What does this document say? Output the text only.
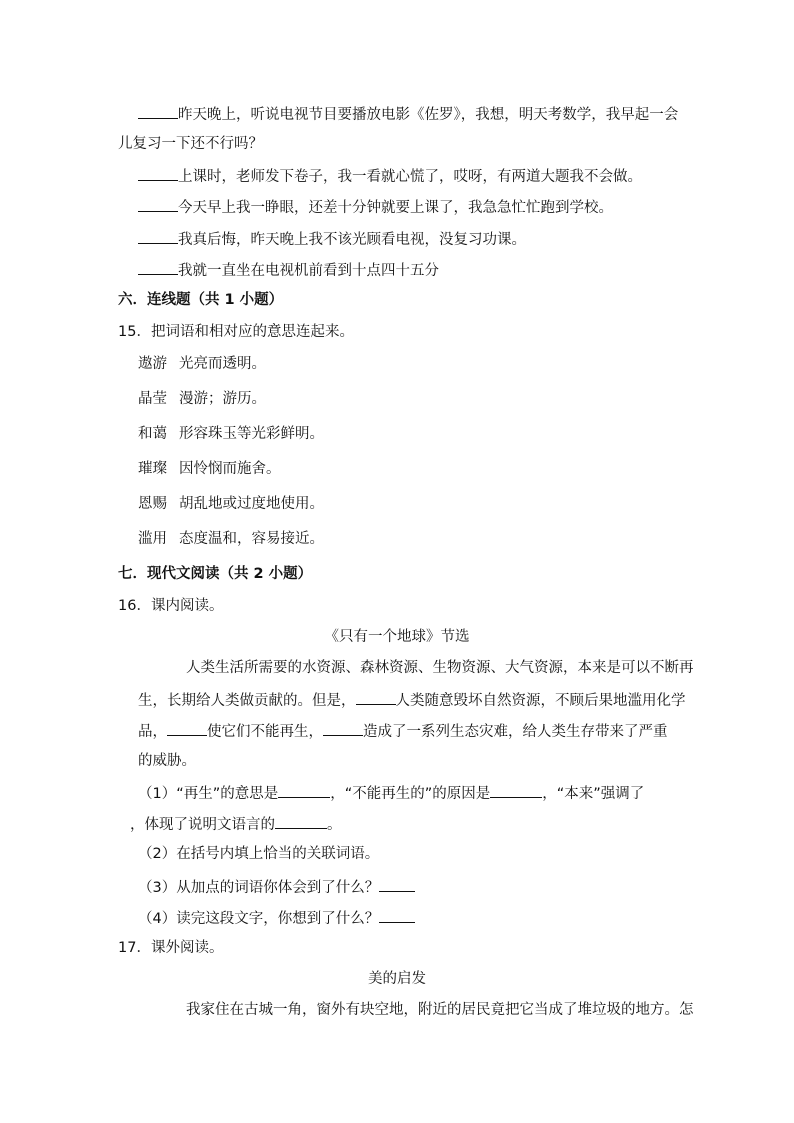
昨天晚上，听说电视节目要播放电影《佐罗》，我想，明天考数学，我早起一会
儿复习一下还不行吗？
上课时，老师发下卷子，我一看就心慌了，哎呀，有两道大题我不会做。
今天早上我一睁眼，还差十分钟就要上课了，我急急忙忙跑到学校。
我真后悔，昨天晚上我不该光顾看电视，没复习功课。
我就一直坐在电视机前看到十点四十五分
六．连线题（共 1 小题）
15．把词语和相对应的意思连起来。
遨游 光亮而透明。
晶莹 漫游；游历。
和蔼 形容珠玉等光彩鲜明。
璀璨 因怜悯而施舍。
恩赐 胡乱地或过度地使用。
滥用 态度温和，容易接近。
七．现代文阅读（共 2 小题）
16．课内阅读。
《只有一个地球》节选
人类生活所需要的水资源、森林资源、生物资源、大气资源，本来是可以不断再
生，长期给人类做贡献的。但是，	人类随意毁坏自然资源，不顾后果地滥用化学
品，	使它们不能再生，	造成了一系列生态灾难，给人类生存带来了严重
的威胁。
（1）“再生”的意思是	，“不能再生的”的原因是	，“本来”强调了
，体现了说明文语言的	。
（2）在括号内填上恰当的关联词语。
（3）从加点的词语你体会到了什么？
（4）读完这段文字，你想到了什么？
17．课外阅读。
美的启发
我家住在古城一角，窗外有块空地，附近的居民竟把它当成了堆垃圾的地方。怎
